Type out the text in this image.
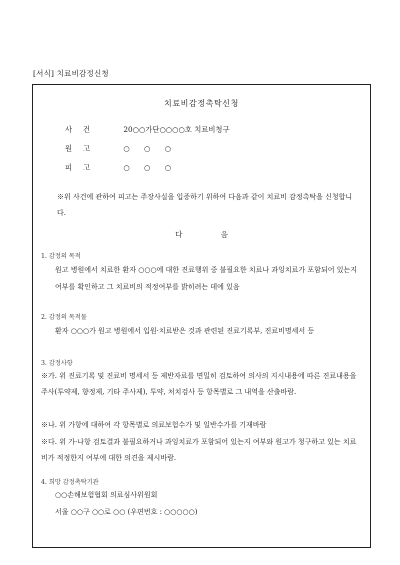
[서식] 치료비감정신청
치료비감정촉탁신청
사건	20○○가단○○○○호 치료비청구
원고	○ ○ ○
피고	○ ○ ○
※위 사건에 관하여 피고는 주장사실을 입증하기 위하여 다음과 같이 치료비 감정촉탁을 신청합니다.
다 음
1. 감정의 목적
원고 병원에서 치료한 환자 ○○○에 대한 진료행위 중 불필요한 치료나 과잉치료가 포함되어 있는지 여부를 확인하고 그 치료비의 적정여부를 밝히려는 데에 있음
2. 감정의 목적물
환자 ○○○가 원고 병원에서 입원·치료받은 것과 관련된 진료기록부, 진료비명세서 등
3. 감정사항
※가. 위 진료기록 및 진료비 명세서 등 제반자료를 면밀히 검토하여 의사의 지시내용에 따른 진료내용을 주사(투약제, 향정제, 기타 주사제), 투약, 처치검사 등 항목별로 그 내역을 산출바람.
※나. 위 가항에 대하여 각 항목별로 의료보험수가 및 일반수가를 기재바람
※다. 위 가·나항 검토결과 불필요하거나 과잉치료가 포함되어 있는지 여부와 원고가 청구하고 있는 치료비가 적정한지 여부에 대한 의견을 제시바람.
4. 희망 감정촉탁기관
○○손해보험협회 의료심사위원회
서울 ○○구 ○○로 ○○ (우편번호 : ○○○○○)
